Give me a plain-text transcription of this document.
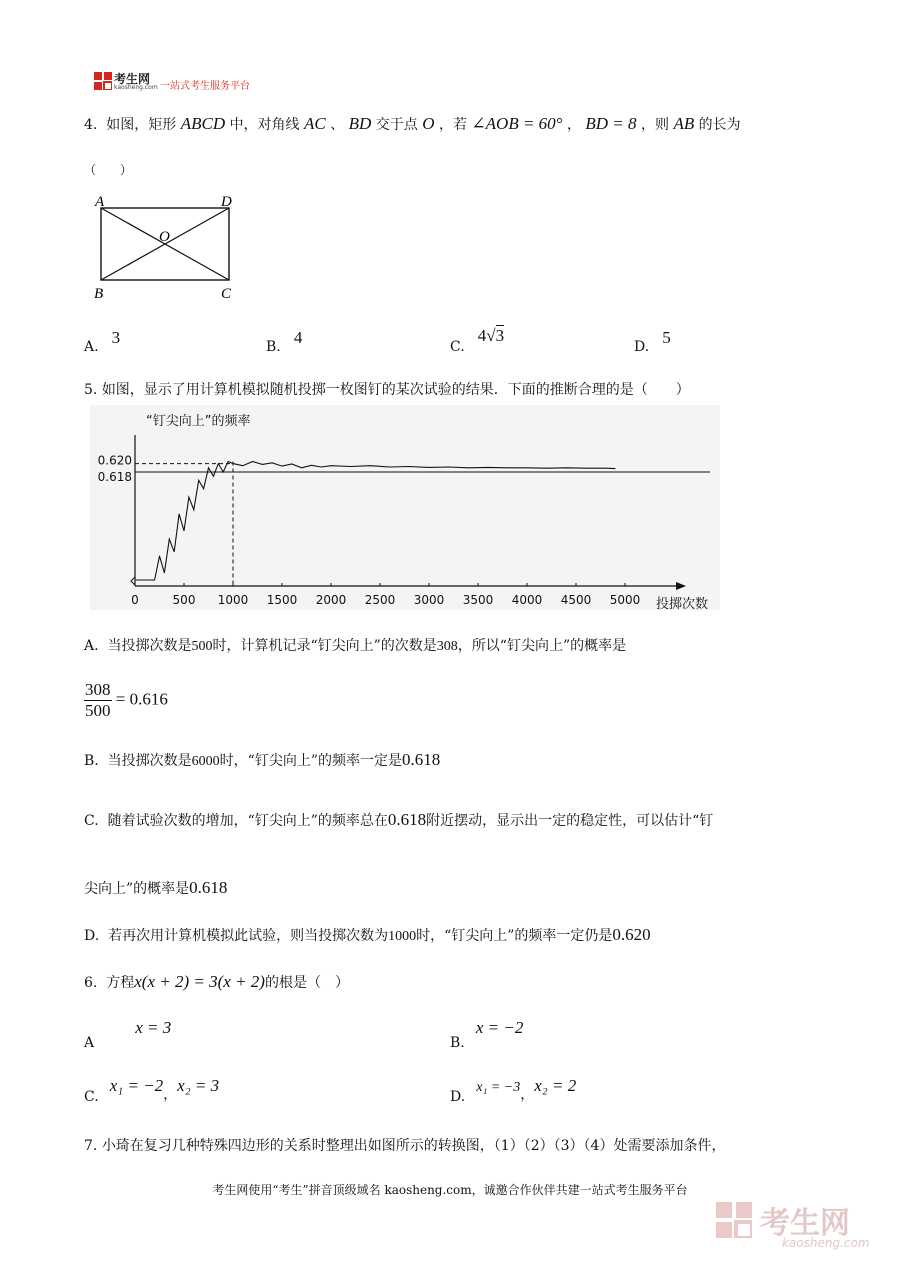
考生网
kaosheng.com 一站式考生服务平台
4. 如图，矩形 ABCD 中，对角线 AC 、 BD 交于点 O ，若 ∠AOB = 60° ， BD = 8 ，则 AB 的长为
（　　）
A	D
B	C
O
A. 3	B. 4	C. 4√3
D. 5
5. 如图，显示了用计算机模拟随机投掷一枚图钉的某次试验的结果．下面的推断合理的是（　　）
“钉尖向上”的频率
0	500 1000 1500 2000 2500 3000 3500 4000 4500 5000
0.620
0.618
投掷次数
A. 当投掷次数是500时，计算机记录“钉尖向上”的次数是308，所以“钉尖向上”的概率是
$\frac{308}{500} = 0.616$
B. 当投掷次数是6000时，“钉尖向上”的频率一定是0.618
C. 随着试验次数的增加，“钉尖向上”的频率总在0.618附近摆动，显示出一定的稳定性，可以估计“钉
尖向上”的概率是0.618
D. 若再次用计算机模拟此试验，则当投掷次数为1000时，“钉尖向上”的频率一定仍是0.620
6. 方程x(x + 2) = 3(x + 2)的根是（　）
A x = 3
B. x = −2
C. x₁ = −2，x₂ = 3
D. x₁ = −3，x₂ = 2
7. 小琦在复习几种特殊四边形的关系时整理出如图所示的转换图，（1）（2）（3）（4）处需要添加条件，
考生网使用“考生”拼音顶级域名 kaosheng.com，诚邀合作伙伴共建一站式考生服务平台
考生网
kaosheng.com
